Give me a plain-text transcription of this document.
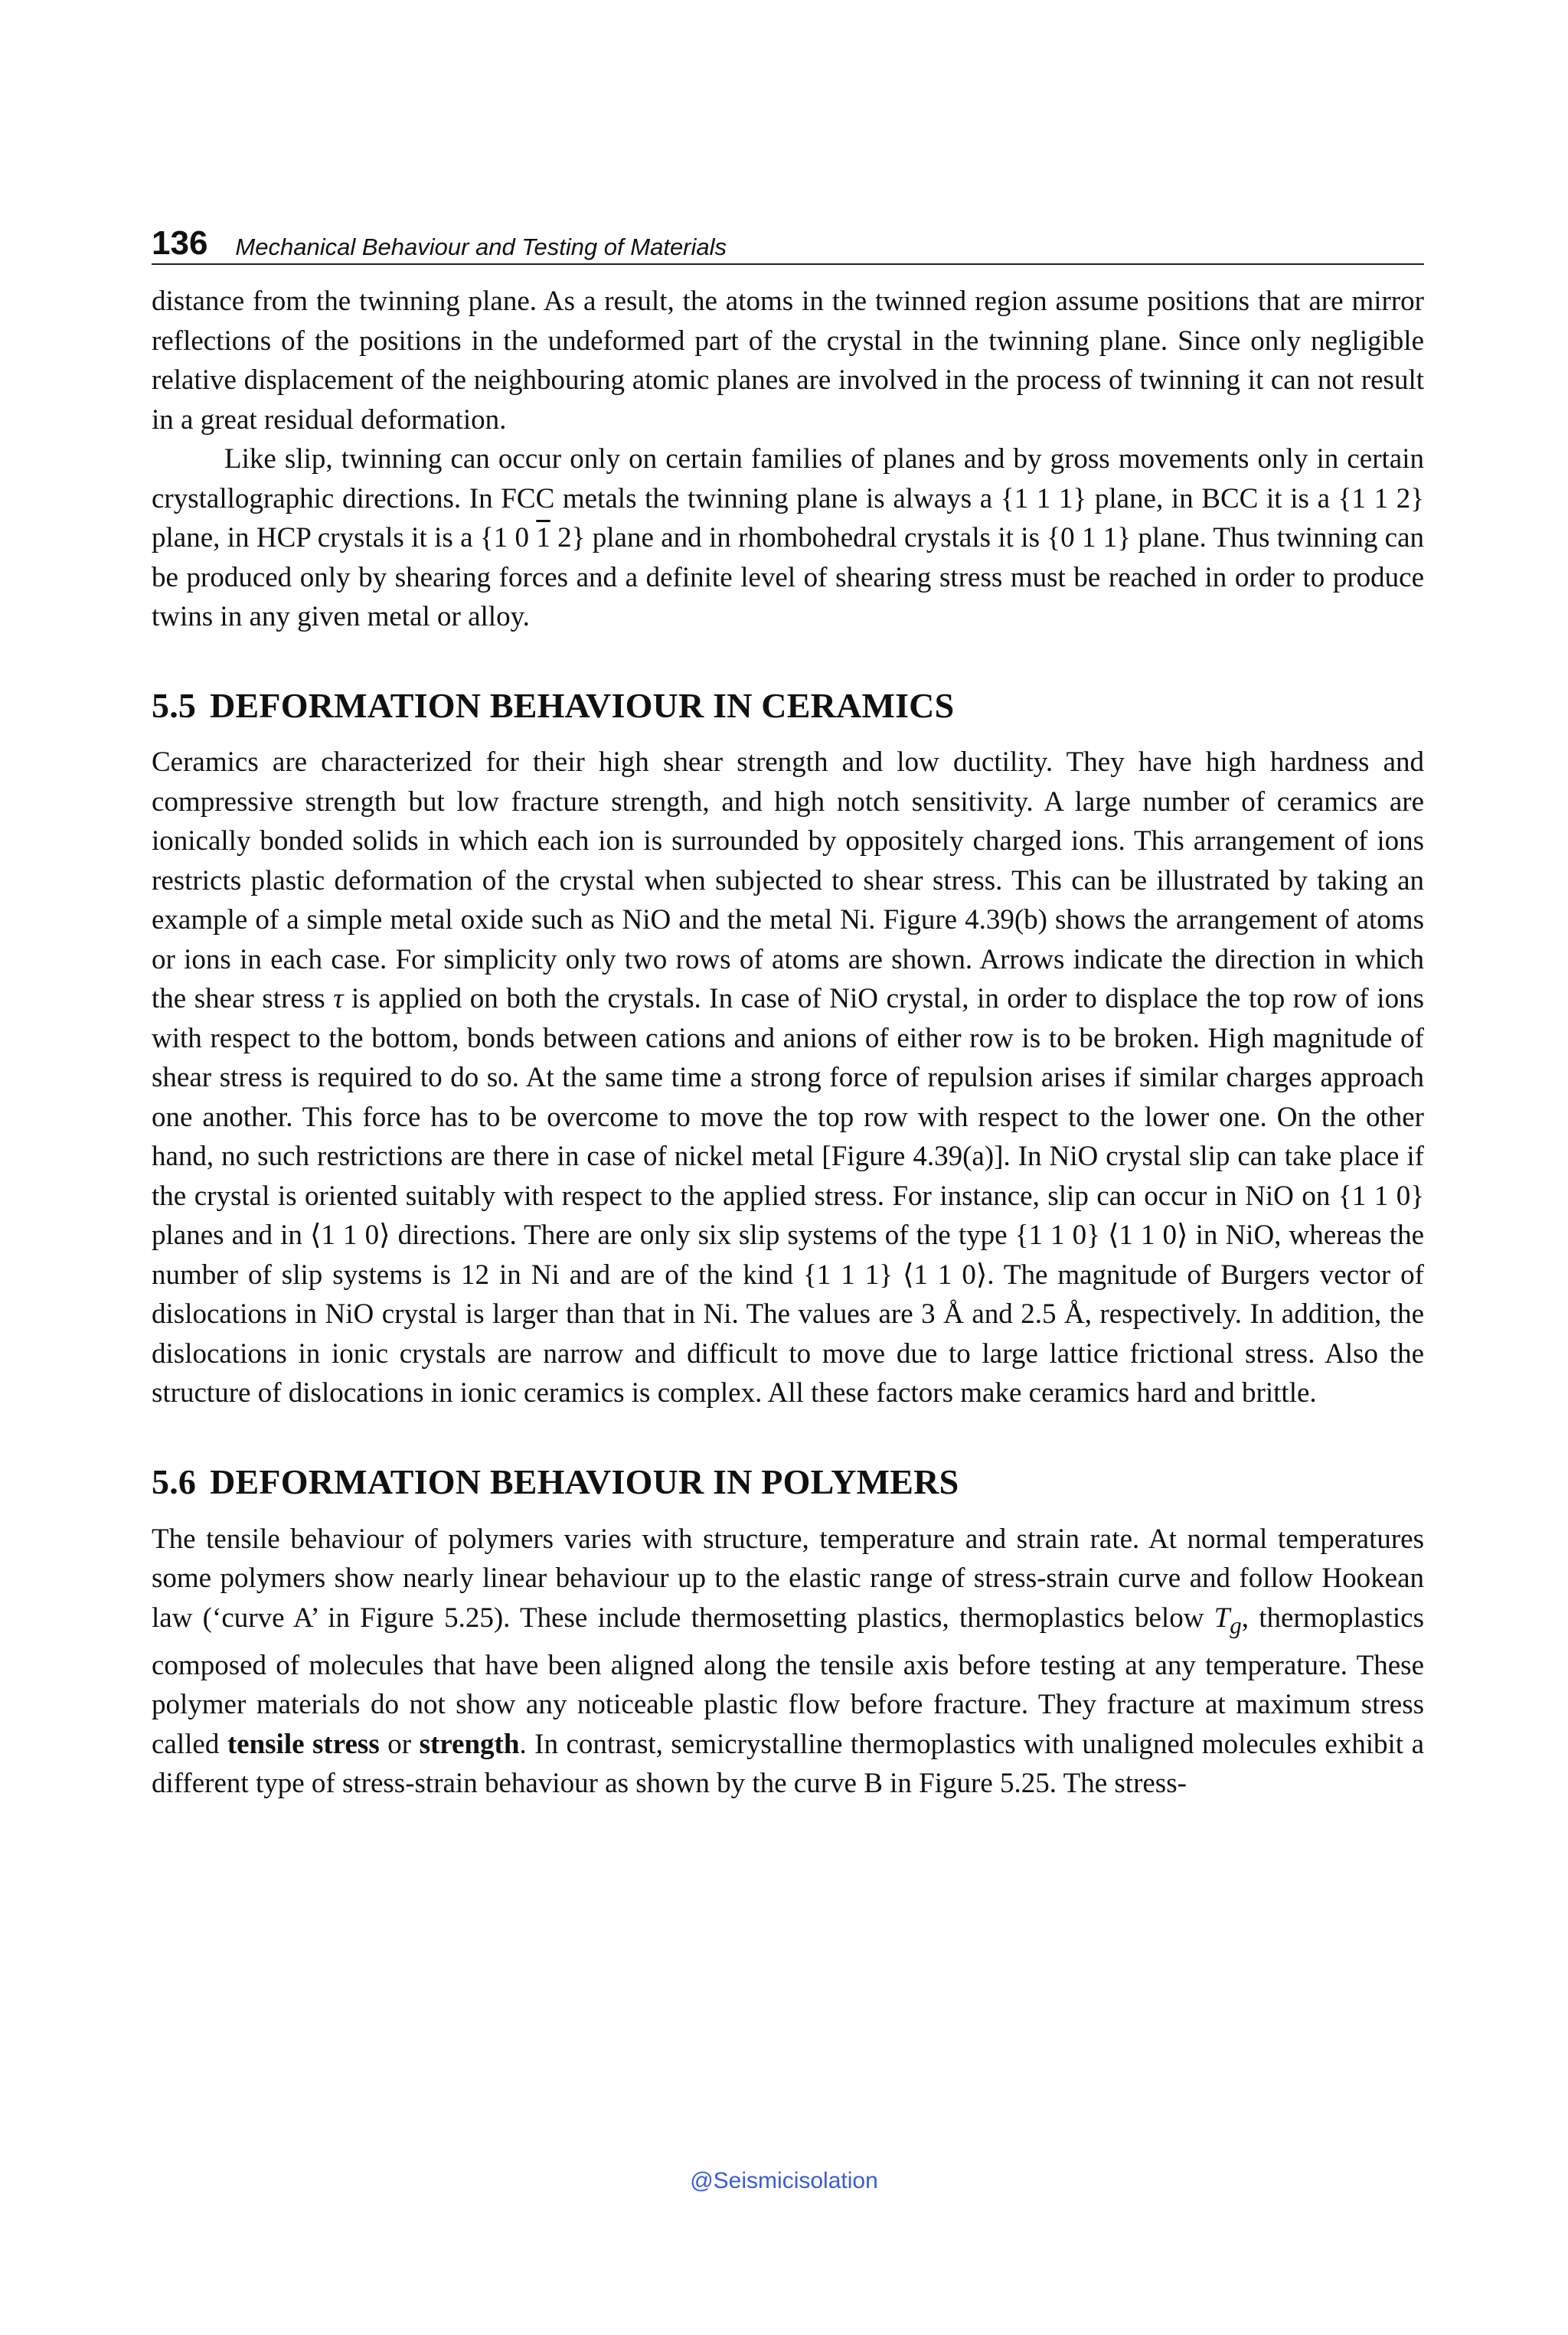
136 Mechanical Behaviour and Testing of Materials

distance from the twinning plane. As a result, the atoms in the twinned region assume positions that are mirror reflections of the positions in the undeformed part of the crystal in the twinning plane. Since only negligible relative displacement of the neighbouring atomic planes are involved in the process of twinning it can not result in a great residual deformation.

Like slip, twinning can occur only on certain families of planes and by gross movements only in certain crystallographic directions. In FCC metals the twinning plane is always a {1 1 1} plane, in BCC it is a {1 1 2} plane, in HCP crystals it is a {1 0 1 2} plane and in rhombohedral crystals it is {0 1 1} plane. Thus twinning can be produced only by shearing forces and a definite level of shearing stress must be reached in order to produce twins in any given metal or alloy.

5.5 DEFORMATION BEHAVIOUR IN CERAMICS

Ceramics are characterized for their high shear strength and low ductility. They have high hardness and compressive strength but low fracture strength, and high notch sensitivity. A large number of ceramics are ionically bonded solids in which each ion is surrounded by oppositely charged ions. This arrangement of ions restricts plastic deformation of the crystal when subjected to shear stress. This can be illustrated by taking an example of a simple metal oxide such as NiO and the metal Ni. Figure 4.39(b) shows the arrangement of atoms or ions in each case. For simplicity only two rows of atoms are shown. Arrows indicate the direction in which the shear stress τ is applied on both the crystals. In case of NiO crystal, in order to displace the top row of ions with respect to the bottom, bonds between cations and anions of either row is to be broken. High magnitude of shear stress is required to do so. At the same time a strong force of repulsion arises if similar charges approach one another. This force has to be overcome to move the top row with respect to the lower one. On the other hand, no such restrictions are there in case of nickel metal [Figure 4.39(a)]. In NiO crystal slip can take place if the crystal is oriented suitably with respect to the applied stress. For instance, slip can occur in NiO on {1 1 0} planes and in ⟨1 1 0⟩ directions. There are only six slip systems of the type {1 1 0} ⟨1 1 0⟩ in NiO, whereas the number of slip systems is 12 in Ni and are of the kind {1 1 1} ⟨1 1 0⟩. The magnitude of Burgers vector of dislocations in NiO crystal is larger than that in Ni. The values are 3 Å and 2.5 Å, respectively. In addition, the dislocations in ionic crystals are narrow and difficult to move due to large lattice frictional stress. Also the structure of dislocations in ionic ceramics is complex. All these factors make ceramics hard and brittle.

5.6 DEFORMATION BEHAVIOUR IN POLYMERS

The tensile behaviour of polymers varies with structure, temperature and strain rate. At normal temperatures some polymers show nearly linear behaviour up to the elastic range of stress-strain curve and follow Hookean law (‘curve A’ in Figure 5.25). These include thermosetting plastics, thermoplastics below $T_g$, thermoplastics composed of molecules that have been aligned along the tensile axis before testing at any temperature. These polymer materials do not show any noticeable plastic flow before fracture. They fracture at maximum stress called tensile stress or strength. In contrast, semicrystalline thermoplastics with unaligned molecules exhibit a different type of stress-strain behaviour as shown by the curve B in Figure 5.25. The stress-

@Seismicisolation
